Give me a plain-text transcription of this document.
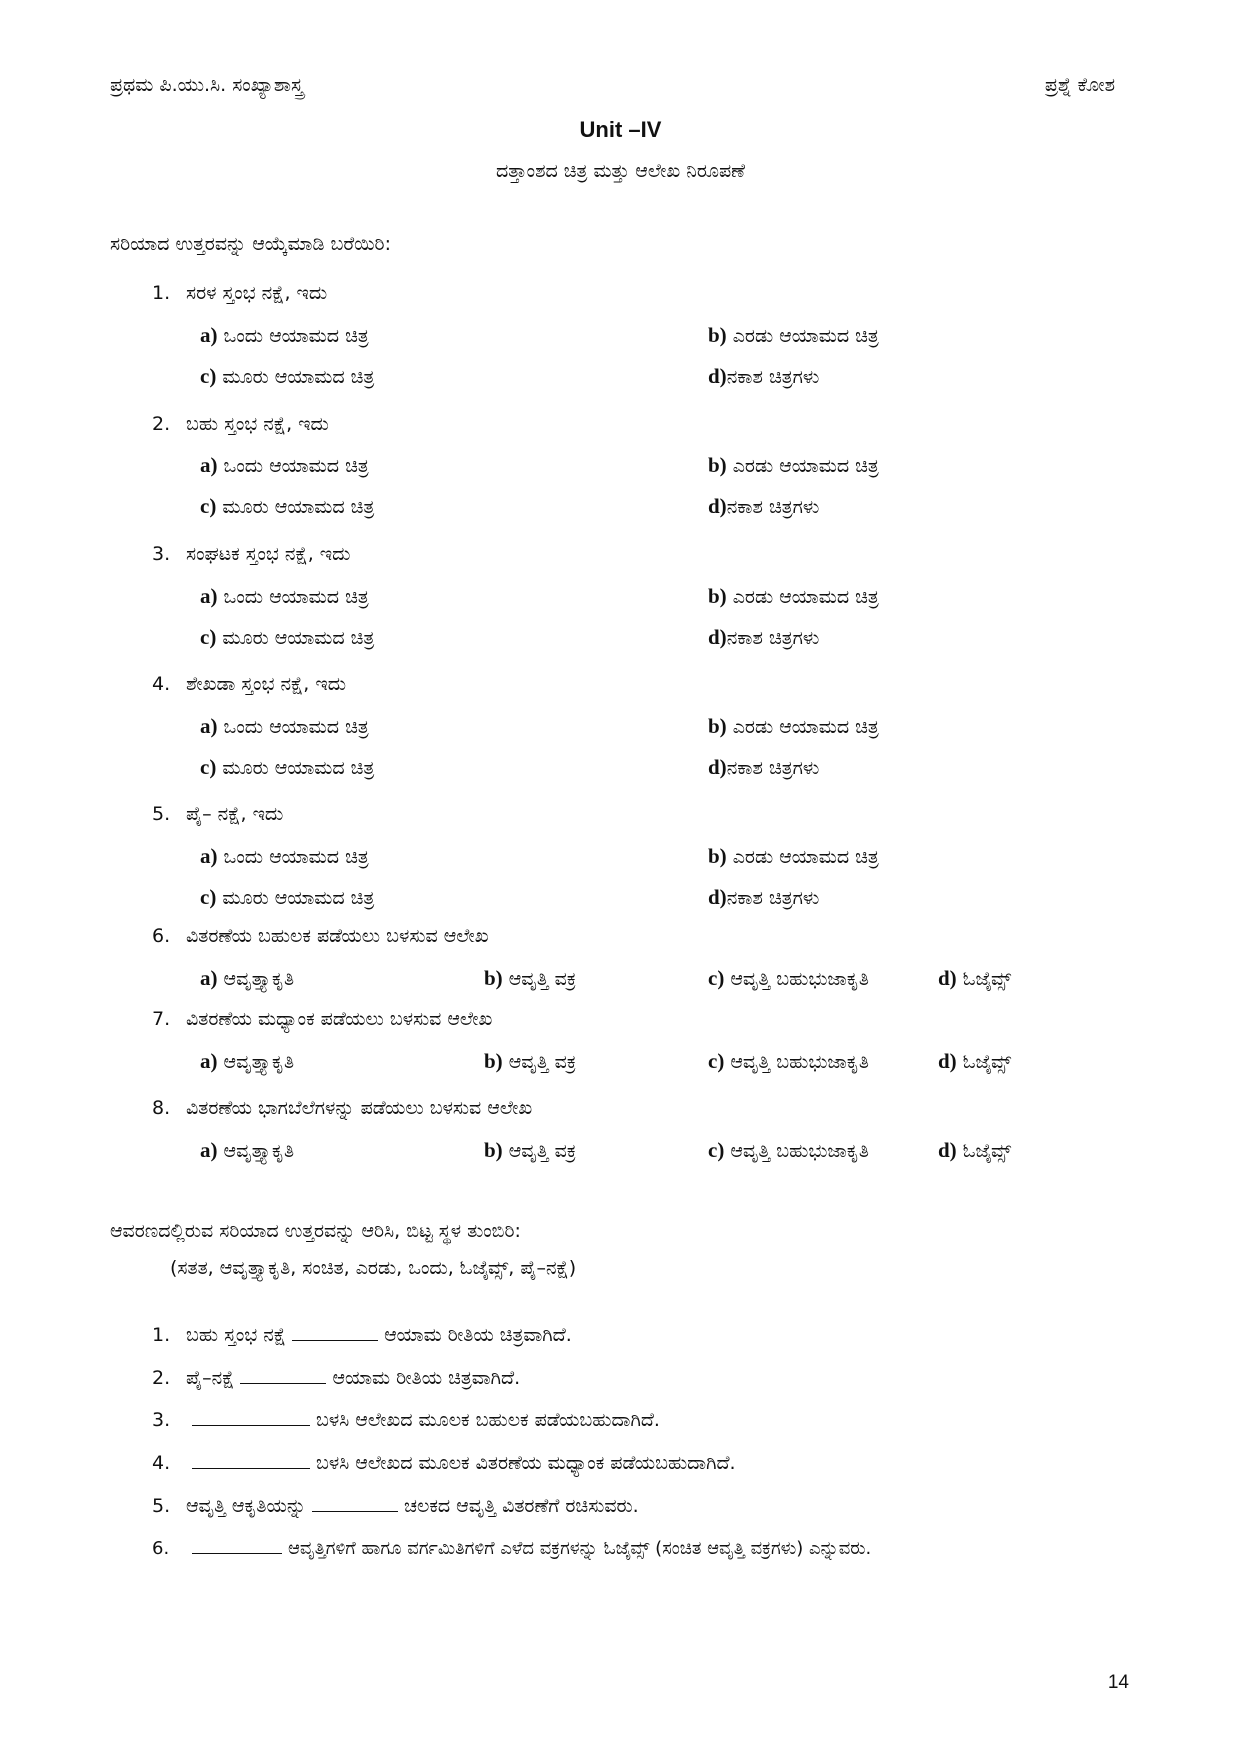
ಪ್ರಥಮ ಪಿ.ಯು.ಸಿ. ಸಂಖ್ಯಾಶಾಸ್ತ್ರ	ಪ್ರಶ್ನೆ ಕೋಶ
Unit –IV
ದತ್ತಾಂಶದ ಚಿತ್ರ ಮತ್ತು ಆಲೇಖ ನಿರೂಪಣೆ
ಸರಿಯಾದ ಉತ್ತರವನ್ನು ಆಯ್ಕೆಮಾಡಿ ಬರೆಯಿರಿ:
1. ಸರಳ ಸ್ತಂಭ ನಕ್ಷೆ, ಇದು
a) ಒಂದು ಆಯಾಮದ ಚಿತ್ರ	b) ಎರಡು ಆಯಾಮದ ಚಿತ್ರ
c) ಮೂರು ಆಯಾಮದ ಚಿತ್ರ	d)ನಕಾಶ ಚಿತ್ರಗಳು
2. ಬಹು ಸ್ತಂಭ ನಕ್ಷೆ, ಇದು
a) ಒಂದು ಆಯಾಮದ ಚಿತ್ರ	b) ಎರಡು ಆಯಾಮದ ಚಿತ್ರ
c) ಮೂರು ಆಯಾಮದ ಚಿತ್ರ	d)ನಕಾಶ ಚಿತ್ರಗಳು
3. ಸಂಘಟಕ ಸ್ತಂಭ ನಕ್ಷೆ, ಇದು
a) ಒಂದು ಆಯಾಮದ ಚಿತ್ರ	b) ಎರಡು ಆಯಾಮದ ಚಿತ್ರ
c) ಮೂರು ಆಯಾಮದ ಚಿತ್ರ	d)ನಕಾಶ ಚಿತ್ರಗಳು
4. ಶೇಖಡಾ ಸ್ತಂಭ ನಕ್ಷೆ, ಇದು
a) ಒಂದು ಆಯಾಮದ ಚಿತ್ರ	b) ಎರಡು ಆಯಾಮದ ಚಿತ್ರ
c) ಮೂರು ಆಯಾಮದ ಚಿತ್ರ	d)ನಕಾಶ ಚಿತ್ರಗಳು
5. ಪೈ– ನಕ್ಷೆ, ಇದು
a) ಒಂದು ಆಯಾಮದ ಚಿತ್ರ	b) ಎರಡು ಆಯಾಮದ ಚಿತ್ರ
c) ಮೂರು ಆಯಾಮದ ಚಿತ್ರ	d)ನಕಾಶ ಚಿತ್ರಗಳು
6. ವಿತರಣೆಯ ಬಹುಲಕ ಪಡೆಯಲು ಬಳಸುವ ಆಲೇಖ
a) ಆವೃತ್ತ್ಯಾಕೃತಿ	b) ಆವೃತ್ತಿ ವಕ್ರ	c) ಆವೃತ್ತಿ ಬಹುಭುಜಾಕೃತಿ	d) ಓಜೈವ್ಸ್
7. ವಿತರಣೆಯ ಮಧ್ಯಾಂಕ ಪಡೆಯಲು ಬಳಸುವ ಆಲೇಖ
a) ಆವೃತ್ತ್ಯಾಕೃತಿ	b) ಆವೃತ್ತಿ ವಕ್ರ	c) ಆವೃತ್ತಿ ಬಹುಭುಜಾಕೃತಿ	d) ಓಜೈವ್ಸ್
8. ವಿತರಣೆಯ ಭಾಗಬೆಲೆಗಳನ್ನು ಪಡೆಯಲು ಬಳಸುವ ಆಲೇಖ
a) ಆವೃತ್ತ್ಯಾಕೃತಿ	b) ಆವೃತ್ತಿ ವಕ್ರ	c) ಆವೃತ್ತಿ ಬಹುಭುಜಾಕೃತಿ	d) ಓಜೈವ್ಸ್
ಆವರಣದಲ್ಲಿರುವ ಸರಿಯಾದ ಉತ್ತರವನ್ನು ಆರಿಸಿ, ಬಿಟ್ಟ ಸ್ಥಳ ತುಂಬಿರಿ:
(ಸತತ, ಆವೃತ್ತ್ಯಾಕೃತಿ, ಸಂಚಿತ, ಎರಡು, ಒಂದು, ಓಜೈವ್ಸ್, ಪೈ–ನಕ್ಷೆ)
1. ಬಹು ಸ್ತಂಭ ನಕ್ಷೆ	ಆಯಾಮ ರೀತಿಯ ಚಿತ್ರವಾಗಿದೆ.
2. ಪೈ–ನಕ್ಷೆ	ಆಯಾಮ ರೀತಿಯ ಚಿತ್ರವಾಗಿದೆ.
3.	ಬಳಸಿ ಆಲೇಖದ ಮೂಲಕ ಬಹುಲಕ ಪಡೆಯಬಹುದಾಗಿದೆ.
4.	ಬಳಸಿ ಆಲೇಖದ ಮೂಲಕ ವಿತರಣೆಯ ಮಧ್ಯಾಂಕ ಪಡೆಯಬಹುದಾಗಿದೆ.
5. ಆವೃತ್ತಿ ಆಕೃತಿಯನ್ನು	ಚಲಕದ ಆವೃತ್ತಿ ವಿತರಣೆಗೆ ರಚಿಸುವರು.
6.	ಆವೃತ್ತಿಗಳಿಗೆ ಹಾಗೂ ವರ್ಗಮಿತಿಗಳಿಗೆ ಎಳೆದ ವಕ್ರಗಳನ್ನು ಓಜೈವ್ಸ್ (ಸಂಚಿತ ಆವೃತ್ತಿ ವಕ್ರಗಳು) ಎನ್ನುವರು.
14
